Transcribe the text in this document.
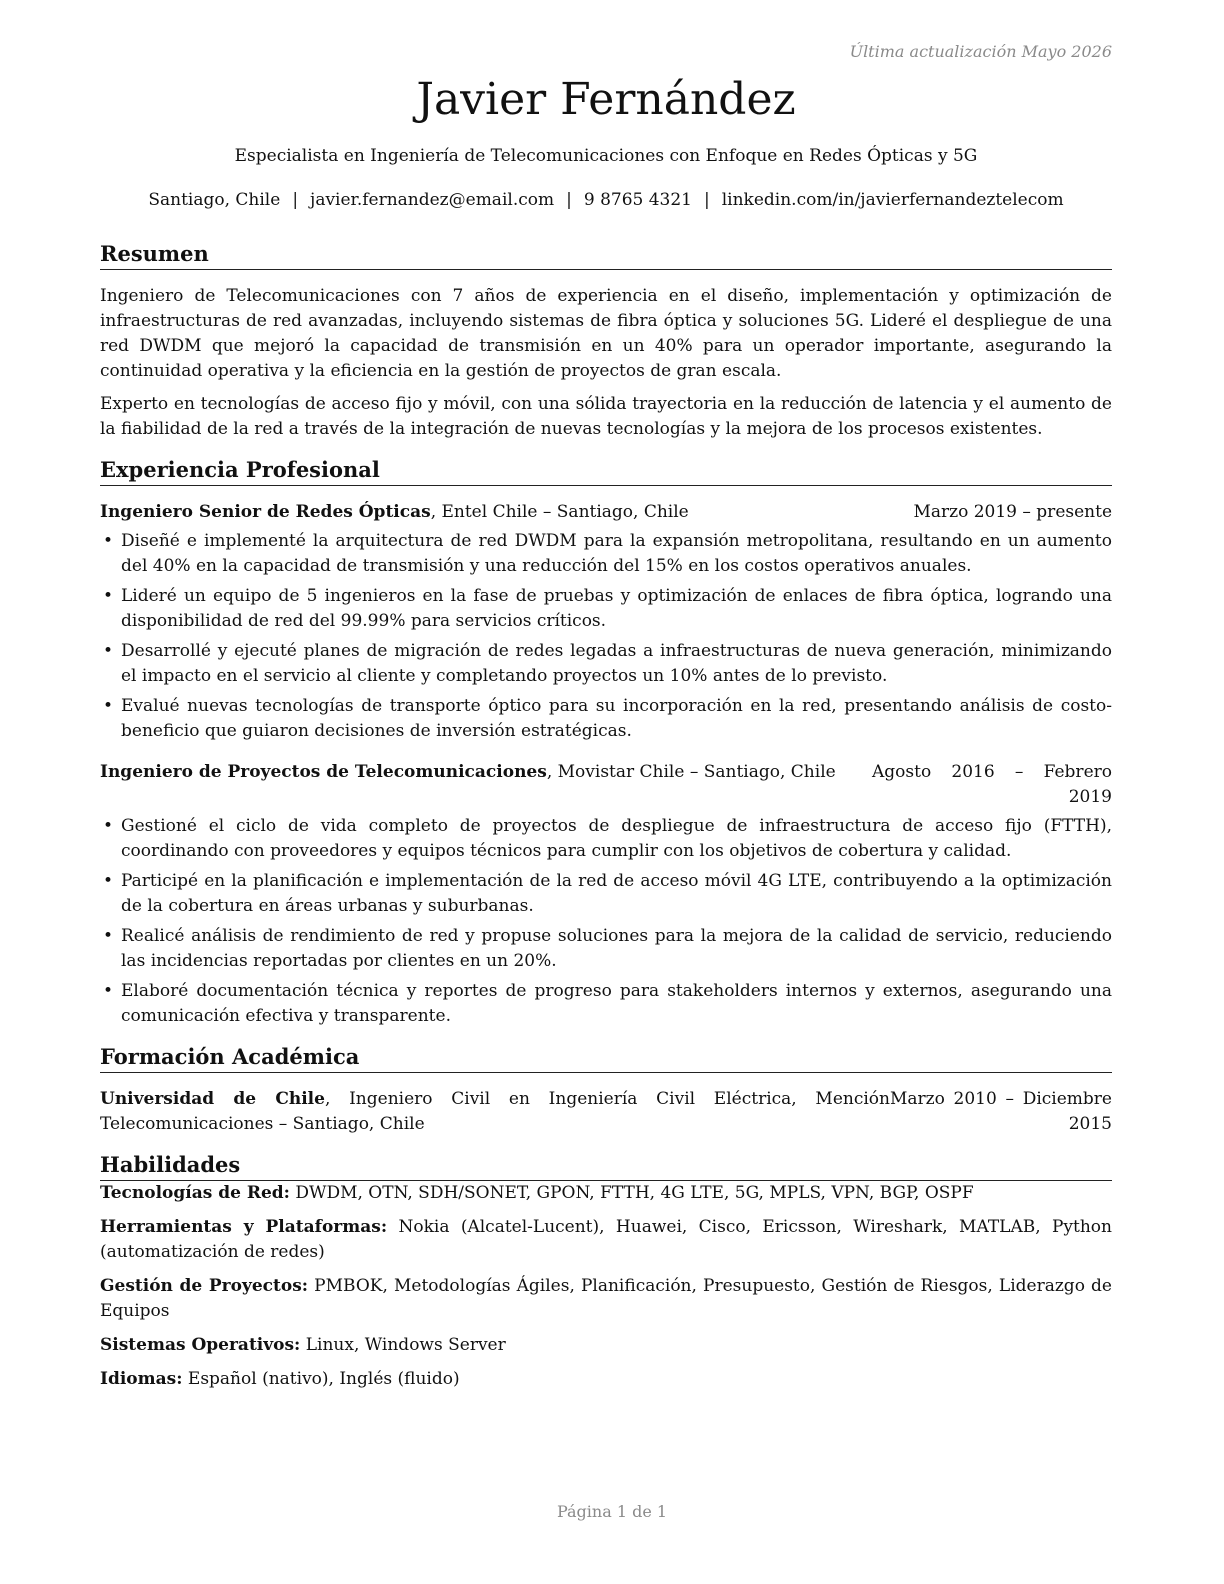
Última actualización Mayo 2026
Javier Fernández
Especialista en Ingeniería de Telecomunicaciones con Enfoque en Redes Ópticas y 5G
Santiago, Chile | javier.fernandez@email.com | 9 8765 4321 | linkedin.com/in/javierfernandeztelecom
Resumen

Ingeniero de Telecomunicaciones con 7 años de experiencia en el diseño, implementación y optimización de infraestructuras de red avanzadas, incluyendo sistemas de fibra óptica y soluciones 5G. Lideré el despliegue de una red DWDM que mejoró la capacidad de transmisión en un 40% para un operador importante, asegurando la continuidad operativa y la eficiencia en la gestión de proyectos de gran escala.

Experto en tecnologías de acceso fijo y móvil, con una sólida trayectoria en la reducción de latencia y el aumento de la fiabilidad de la red a través de la integración de nuevas tecnologías y la mejora de los procesos existentes.

Experiencia Profesional
Ingeniero Senior de Redes Ópticas, Entel Chile – Santiago, Chile	Marzo 2019 – presente
• Diseñé e implementé la arquitectura de red DWDM para la expansión metropolitana, resultando en un aumento del 40% en la capacidad de transmisión y una reducción del 15% en los costos operativos anuales.
• Lideré un equipo de 5 ingenieros en la fase de pruebas y optimización de enlaces de fibra óptica, logrando una disponibilidad de red del 99.99% para servicios críticos.
• Desarrollé y ejecuté planes de migración de redes legadas a infraestructuras de nueva generación, minimizando el impacto en el servicio al cliente y completando proyectos un 10% antes de lo previsto.
• Evalué nuevas tecnologías de transporte óptico para su incorporación en la red, presentando análisis de costo-beneficio que guiaron decisiones de inversión estratégicas.
Ingeniero de Proyectos de Telecomunicaciones, Movistar Chile – Santiago, Chile	Agosto 2016 – Febrero 2019
• Gestioné el ciclo de vida completo de proyectos de despliegue de infraestructura de acceso fijo (FTTH), coordinando con proveedores y equipos técnicos para cumplir con los objetivos de cobertura y calidad.
• Participé en la planificación e implementación de la red de acceso móvil 4G LTE, contribuyendo a la optimización de la cobertura en áreas urbanas y suburbanas.
• Realicé análisis de rendimiento de red y propuse soluciones para la mejora de la calidad de servicio, reduciendo las incidencias reportadas por clientes en un 20%.
• Elaboré documentación técnica y reportes de progreso para stakeholders internos y externos, asegurando una comunicación efectiva y transparente.
Formación Académica
Universidad de Chile, Ingeniero Civil en Ingeniería Civil Eléctrica, Mención Telecomunicaciones – Santiago, Chile
Marzo 2010 – Diciembre 2015
Habilidades

Tecnologías de Red: DWDM, OTN, SDH/SONET, GPON, FTTH, 4G LTE, 5G, MPLS, VPN, BGP, OSPF

Herramientas y Plataformas: Nokia (Alcatel-Lucent), Huawei, Cisco, Ericsson, Wireshark, MATLAB, Python (automatización de redes)

Gestión de Proyectos: PMBOK, Metodologías Ágiles, Planificación, Presupuesto, Gestión de Riesgos, Liderazgo de Equipos

Sistemas Operativos: Linux, Windows Server

Idiomas: Español (nativo), Inglés (fluido)

Página 1 de 1
